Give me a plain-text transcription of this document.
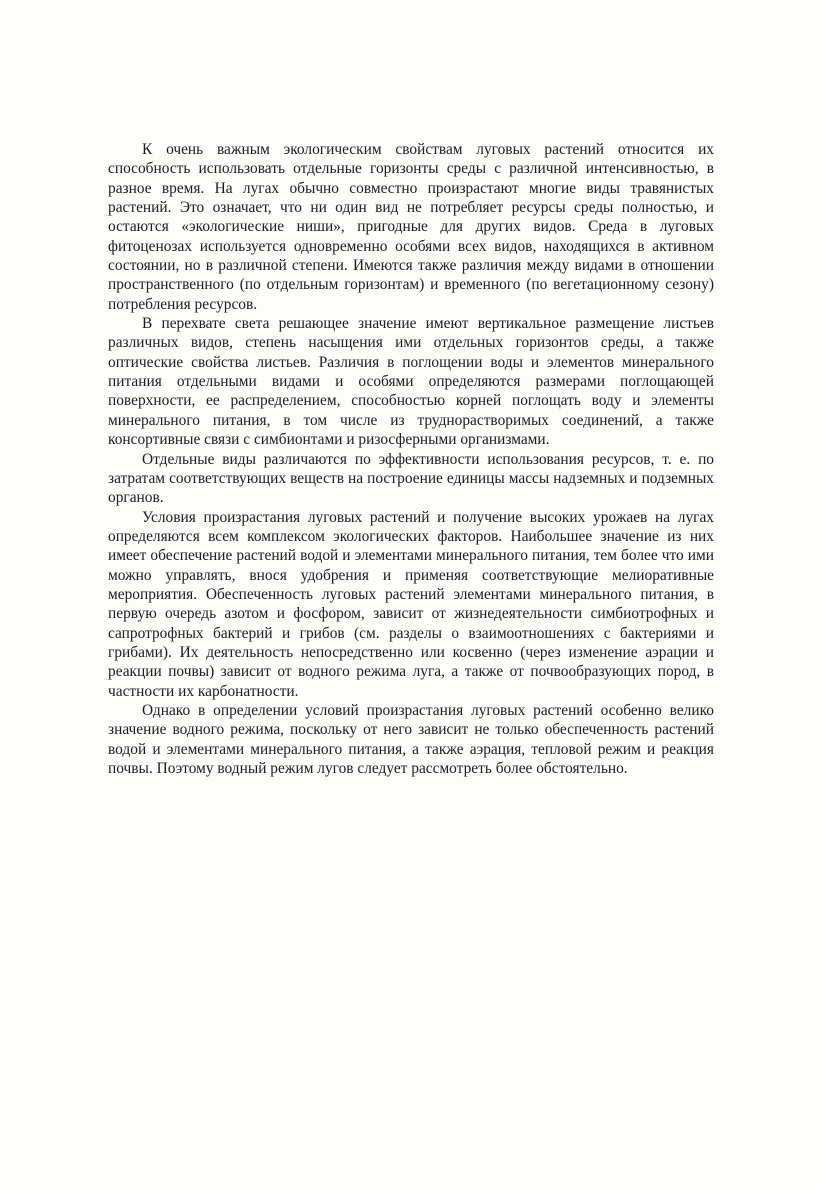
К очень важным экологическим свойствам луговых растений относится их способность использовать отдельные горизонты среды с различной интенсивностью, в разное время. На лугах обычно совместно произрастают многие виды травянистых растений. Это означает, что ни один вид не потребляет ресурсы среды полностью, и остаются «экологические ниши», пригодные для других видов. Среда в луговых фитоценозах используется одновременно особями всех видов, находящихся в активном состоянии, но в различной степени. Имеются также различия между видами в отношении пространственного (по отдельным горизонтам) и временного (по вегетационному сезону) потребления ресурсов.

В перехвате света решающее значение имеют вертикальное размещение листьев различных видов, степень насыщения ими отдельных горизонтов среды, а также оптические свойства листьев. Различия в поглощении воды и элементов минерального питания отдельными видами и особями определяются размерами поглощающей поверхности, ее распределением, способностью корней поглощать воду и элементы минерального питания, в том числе из труднорастворимых соединений, а также консортивные связи с симбионтами и ризосферными организмами.

Отдельные виды различаются по эффективности использования ресурсов, т. е. по затратам соответствующих веществ на построение единицы массы надземных и подземных органов.

Условия произрастания луговых растений и получение высоких урожаев на лугах определяются всем комплексом экологических факторов. Наибольшее значение из них имеет обеспечение растений водой и элементами минерального питания, тем более что ими можно управлять, внося удобрения и применяя соответствующие мелиоративные мероприятия. Обеспеченность луговых растений элементами минерального питания, в первую очередь азотом и фосфором, зависит от жизнедеятельности симбиотрофных и сапротрофных бактерий и грибов (см. разделы о взаимоотношениях с бактериями и грибами). Их деятельность непосредственно или косвенно (через изменение аэрации и реакции почвы) зависит от водного режима луга, а также от почвообразующих пород, в частности их карбонатности.

Однако в определении условий произрастания луговых растений особенно велико значение водного режима, поскольку от него зависит не только обеспеченность растений водой и элементами минерального питания, а также аэрация, тепловой режим и реакция почвы. Поэтому водный режим лугов следует рассмотреть более обстоятельно.
